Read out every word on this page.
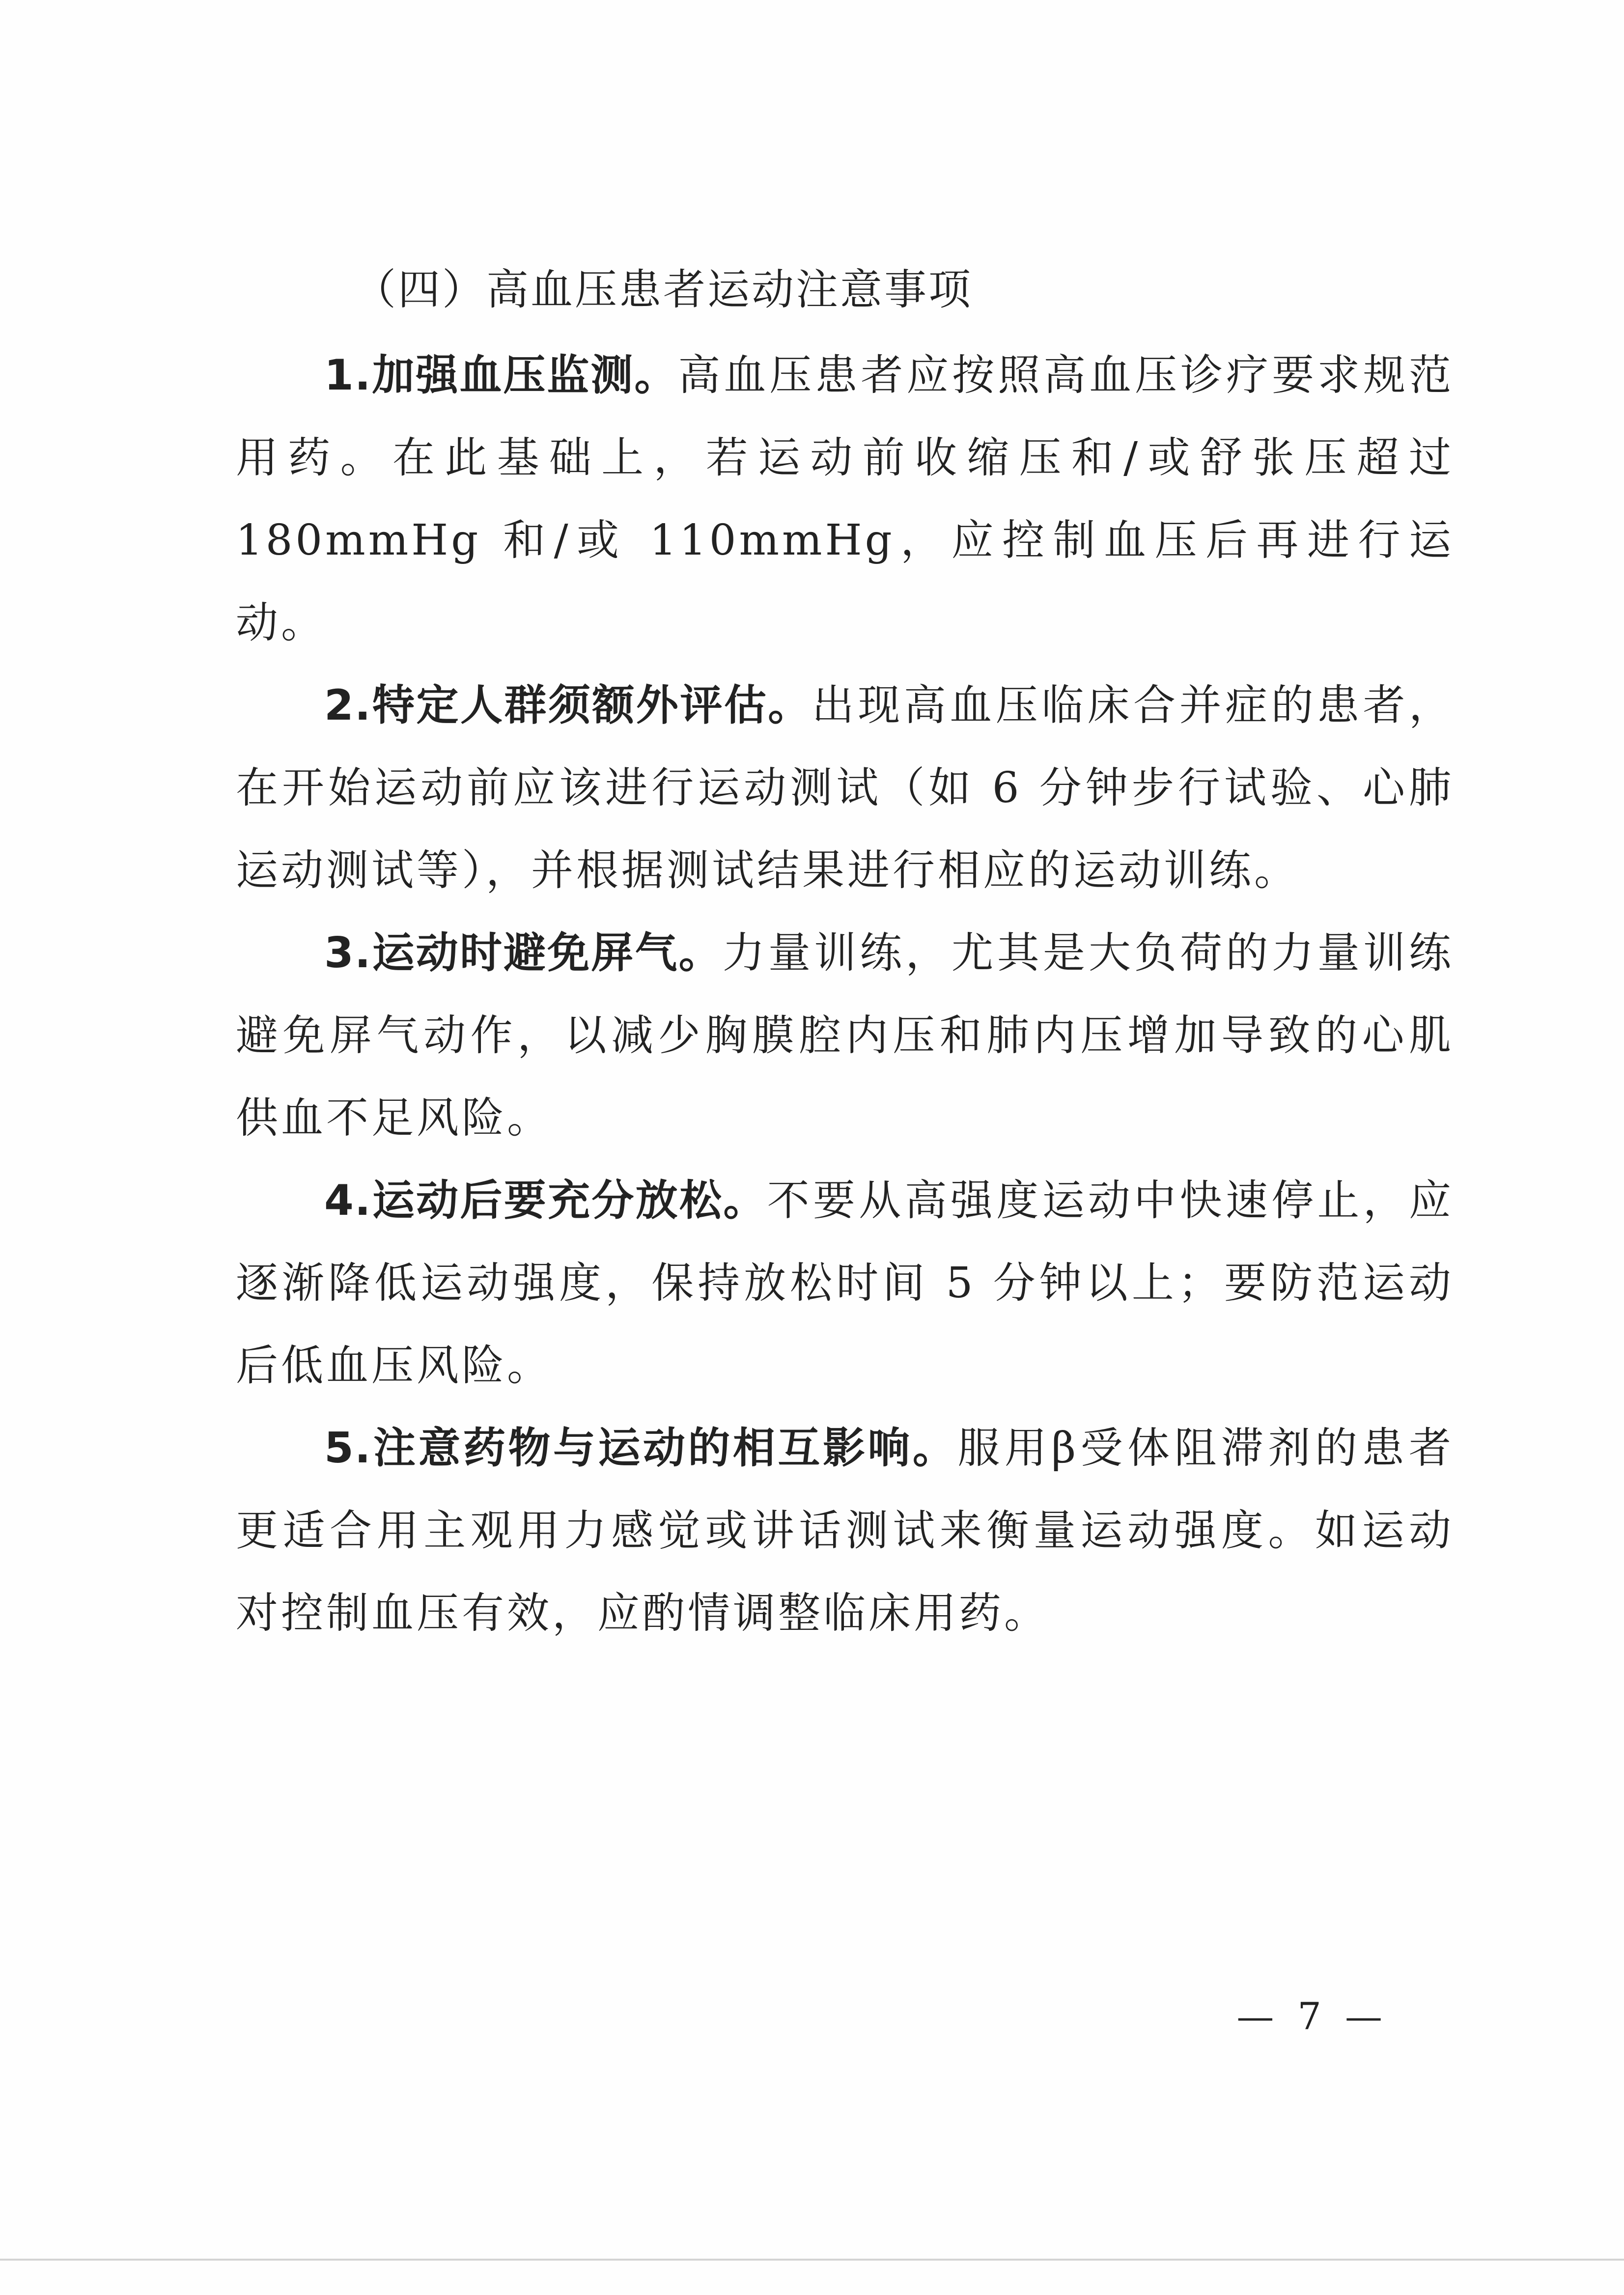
（四）高血压患者运动注意事项

1.加强血压监测。高血压患者应按照高血压诊疗要求规范用药。在此基础上，若运动前收缩压和/或舒张压超过 180mmHg 和/或 110mmHg，应控制血压后再进行运动。

2.特定人群须额外评估。出现高血压临床合并症的患者，在开始运动前应该进行运动测试（如 6 分钟步行试验、心肺运动测试等），并根据测试结果进行相应的运动训练。

3.运动时避免屏气。力量训练，尤其是大负荷的力量训练避免屏气动作，以减少胸膜腔内压和肺内压增加导致的心肌供血不足风险。

4.运动后要充分放松。不要从高强度运动中快速停止，应逐渐降低运动强度，保持放松时间 5 分钟以上；要防范运动后低血压风险。

5.注意药物与运动的相互影响。服用β受体阻滞剂的患者更适合用主观用力感觉或讲话测试来衡量运动强度。如运动对控制血压有效，应酌情调整临床用药。

— 7 —
